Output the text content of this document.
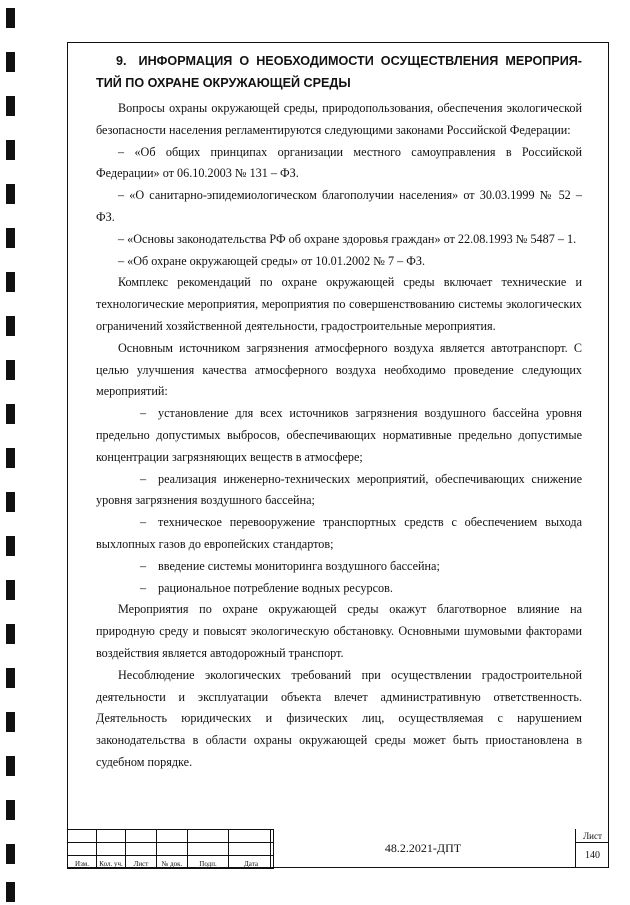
9. ИНФОРМАЦИЯ О НЕОБХОДИМОСТИ ОСУЩЕСТВЛЕНИЯ МЕРОПРИЯ-ТИЙ ПО ОХРАНЕ ОКРУЖАЮЩЕЙ СРЕДЫ

Вопросы охраны окружающей среды, природопользования, обеспечения экологической безопасности населения регламентируются следующими законами Российской Федерации:

– «Об общих принципах организации местного самоуправления в Российской Федерации» от 06.10.2003 № 131 – ФЗ.

– «О санитарно-эпидемиологическом благополучии населения» от 30.03.1999 № 52 – ФЗ.

– «Основы законодательства РФ об охране здоровья граждан» от 22.08.1993 № 5487 – 1.

– «Об охране окружающей среды» от 10.01.2002 № 7 – ФЗ.

Комплекс рекомендаций по охране окружающей среды включает технические и технологические мероприятия, мероприятия по совершенствованию системы экологических ограничений хозяйственной деятельности, градостроительные мероприятия.

Основным источником загрязнения атмосферного воздуха является автотранспорт. С целью улучшения качества атмосферного воздуха необходимо проведение следующих мероприятий:

– установление для всех источников загрязнения воздушного бассейна уровня предельно допустимых выбросов, обеспечивающих нормативные предельно допустимые концентрации загрязняющих веществ в атмосфере;

– реализация инженерно-технических мероприятий, обеспечивающих снижение уровня загрязнения воздушного бассейна;

– техническое перевооружение транспортных средств с обеспечением выхода выхлопных газов до европейских стандартов;

– введение системы мониторинга воздушного бассейна;

– рациональное потребление водных ресурсов.

Мероприятия по охране окружающей среды окажут благотворное влияние на природную среду и повысят экологическую обстановку. Основными шумовыми факторами воздействия является автодорожный транспорт.

Несоблюдение экологических требований при осуществлении градостроительной деятельности и эксплуатации объекта влечет административную ответственность. Деятельность юридических и физических лиц, осуществляемая с нарушением законодательства в области охраны окружающей среды может быть приостановлена в судебном порядке.

Изм.	Кол. уч.	Лист	№ док.	Подп.	Дата
48.2.2021-ДПТ
Лист
140
